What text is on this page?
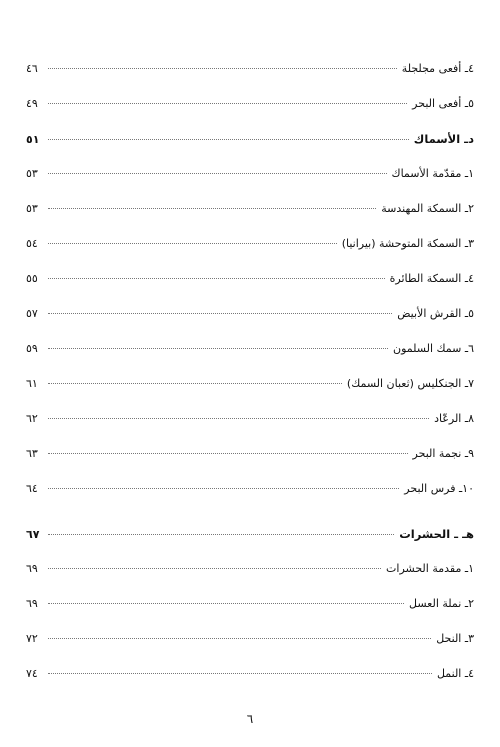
٤ـ أفعى مجلجلة
٤٦
٥ـ أفعى البحر
٤٩
دـ الأسماك
٥١
١ـ مقدّمة الأسماك
٥٣
٢ـ السمكة المهندسة
٥٣
٣ـ السمكة المتوحشة (بيرانيا)
٥٤
٤ـ السمكة الطائرة
٥٥
٥ـ القرش الأبيض
٥٧
٦ـ سمك السلمون
٥٩
٧ـ الجنكليس (ثعبان السمك)
٦١
٨ـ الرعّاد
٦٢
٩ـ نجمة البحر
٦٣
١٠ـ فرس البحر
٦٤
هـ ـ الحشرات
٦٧
١ـ مقدمة الحشرات
٦٩
٢ـ نملة العسل
٦٩
٣ـ النحل
٧٢
٤ـ النمل
٧٤
٦
